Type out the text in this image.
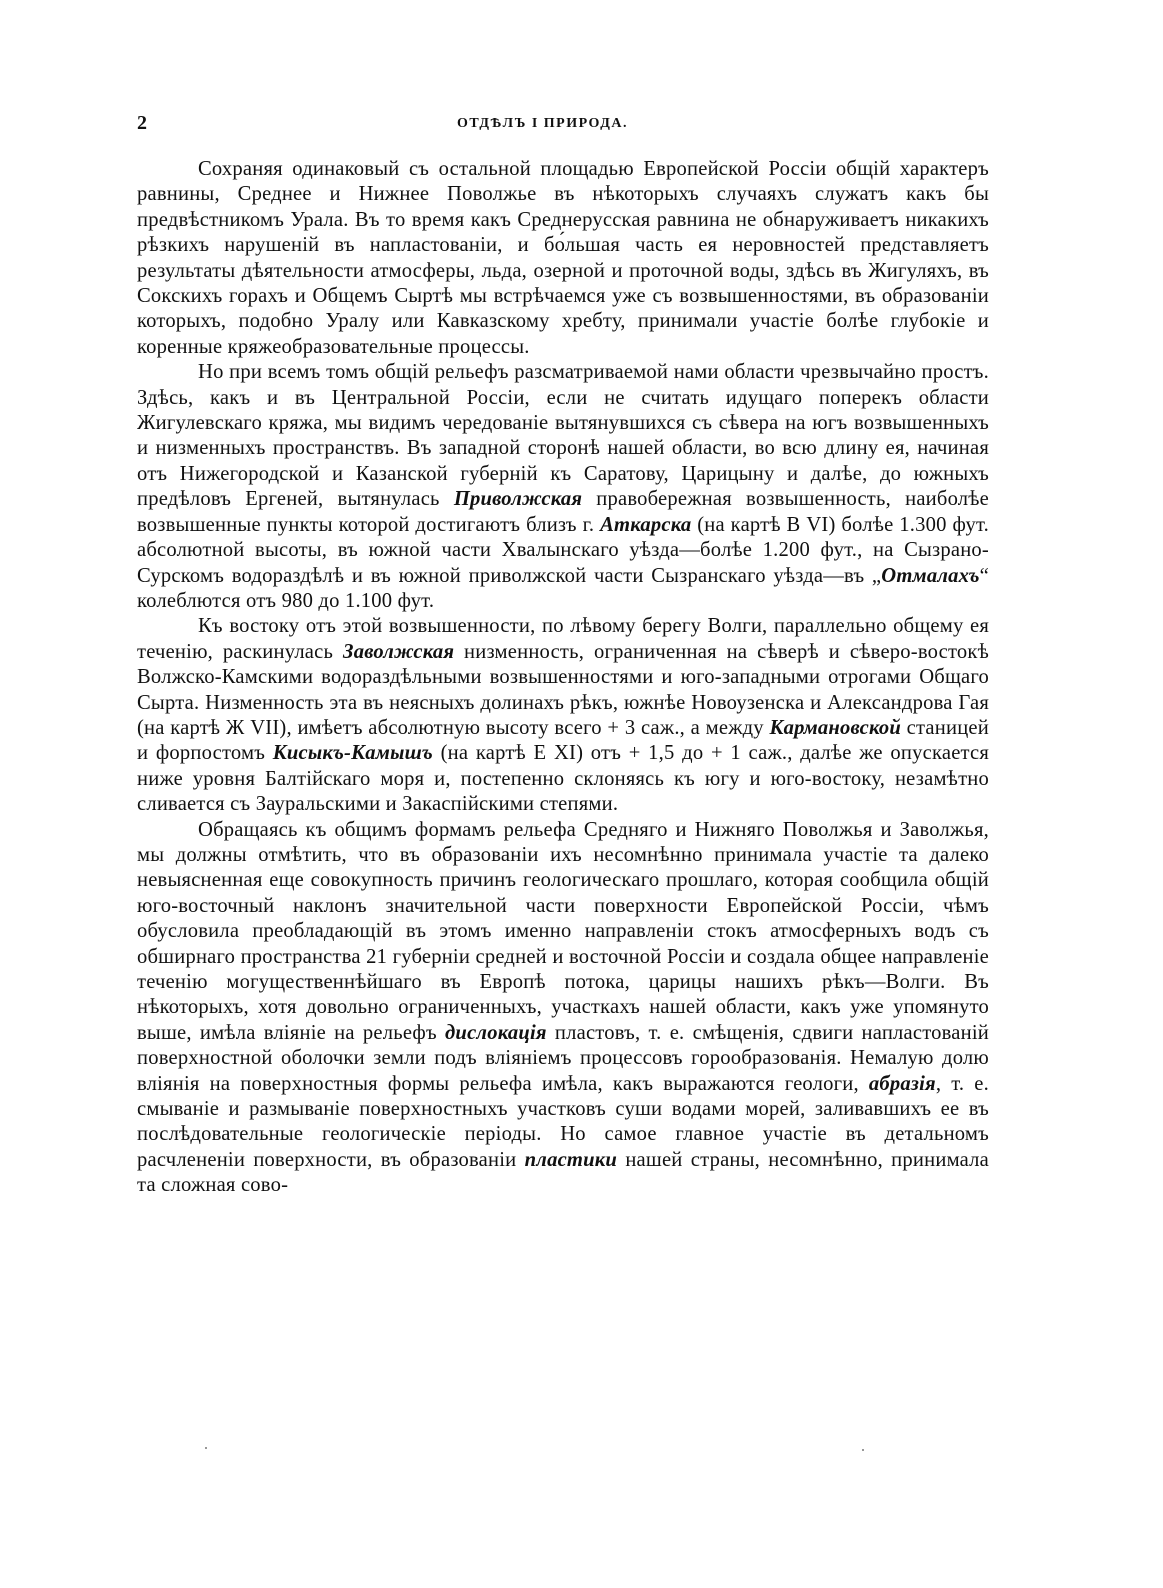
2	ОТДѢЛЪ I ПРИРОДА.

Сохраняя одинаковый съ остальной площадью Европейской Россіи общій характеръ равнины, Среднее и Нижнее Поволжье въ нѣкоторыхъ случаяхъ служатъ какъ бы предвѣстникомъ Урала. Въ то время какъ Среднерусская равнина не обнаруживаетъ никакихъ рѣзкихъ нарушеній въ напластованіи, и бо́льшая часть ея неровностей представляетъ результаты дѣятельности атмосферы, льда, озерной и проточной воды, здѣсь въ Жигуляхъ, въ Сокскихъ горахъ и Общемъ Сыртѣ мы встрѣчаемся уже съ возвышенностями, въ образованіи которыхъ, подобно Уралу или Кавказскому хребту, принимали участіе болѣе глубокіе и коренные кряжеобразовательные процессы.

Но при всемъ томъ общій рельефъ разсматриваемой нами области чрезвычайно простъ. Здѣсь, какъ и въ Центральной Россіи, если не считать идущаго поперекъ области Жигулевскаго кряжа, мы видимъ чередованіе вытянувшихся съ сѣвера на югъ возвышенныхъ и низменныхъ пространствъ. Въ западной сторонѣ нашей области, во всю длину ея, начиная отъ Нижегородской и Казанской губерній къ Саратову, Царицыну и далѣе, до южныхъ предѣловъ Ергеней, вытянулась Приволжская правобережная возвышенность, наиболѣе возвышенные пункты которой достигаютъ близъ г. Аткарска (на картѣ В VI) болѣе 1.300 фут. абсолютной высоты, въ южной части Хвалынскаго уѣзда—болѣе 1.200 фут., на Сызрано-Сурскомъ водораздѣлѣ и въ южной приволжской части Сызранскаго уѣзда—въ „Отмалахъ“ колеблются отъ 980 до 1.100 фут.

Къ востоку отъ этой возвышенности, по лѣвому берегу Волги, параллельно общему ея теченію, раскинулась Заволжская низменность, ограниченная на сѣверѣ и сѣверо-востокѣ Волжско-Камскими водораздѣльными возвышенностями и юго-западными отрогами Общаго Сырта. Низменность эта въ неясныхъ долинахъ рѣкъ, южнѣе Новоузенска и Александрова Гая (на картѣ Ж VII), имѣетъ абсолютную высоту всего + 3 саж., а между Кармановской станицей и форпостомъ Кисыкъ-Камышъ (на картѣ Е XI) отъ + 1,5 до + 1 саж., далѣе же опускается ниже уровня Балтійскаго моря и, постепенно склоняясь къ югу и юго-востоку, незамѣтно сливается съ Зауральскими и Закаспійскими степями.

Обращаясь къ общимъ формамъ рельефа Средняго и Нижняго Поволжья и Заволжья, мы должны отмѣтить, что въ образованіи ихъ несомнѣнно принимала участіе та далеко невыясненная еще совокупность причинъ геологическаго прошлаго, которая сообщила общій юго-восточный наклонъ значительной части поверхности Европейской Россіи, чѣмъ обусловила преобладающій въ этомъ именно направленіи стокъ атмосферныхъ водъ съ обширнаго пространства 21 губерніи средней и восточной Россіи и создала общее направленіе теченію могущественнѣйшаго въ Европѣ потока, царицы нашихъ рѣкъ—Волги. Въ нѣкоторыхъ, хотя довольно ограниченныхъ, участкахъ нашей области, какъ уже упомянуто выше, имѣла вліяніе на рельефъ дислокація пластовъ, т. е. смѣщенія, сдвиги напластованій поверхностной оболочки земли подъ вліяніемъ процессовъ горообразованія. Немалую долю вліянія на поверхностныя формы рельефа имѣла, какъ выражаются геологи, абразія, т. е. смываніе и размываніе поверхностныхъ участковъ суши водами морей, заливавшихъ ее въ послѣдовательные геологическіе періоды. Но самое главное участіе въ детальномъ расчлененіи поверхности, въ образованіи пластики нашей страны, несомнѣнно, принимала та сложная сово-
